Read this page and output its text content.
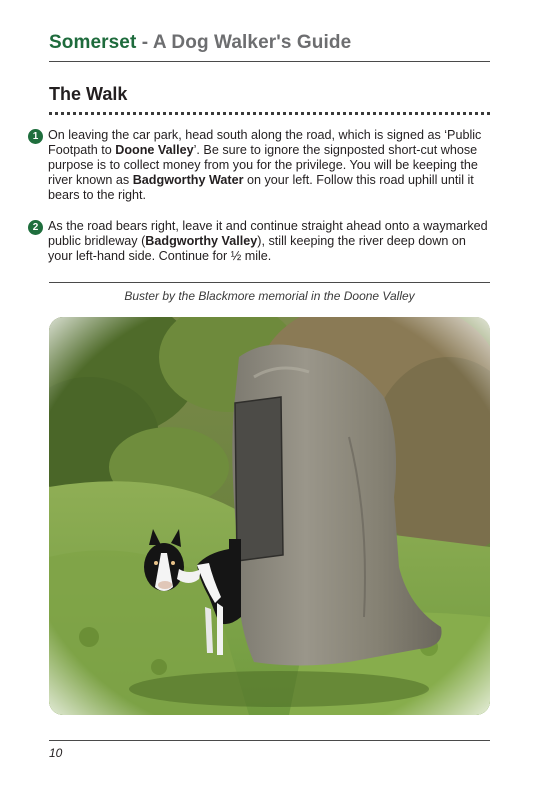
Somerset - A Dog Walker's Guide
The Walk
1 On leaving the car park, head south along the road, which is signed as ‘Public Footpath to Doone Valley’. Be sure to ignore the signposted short-cut whose purpose is to collect money from you for the privilege. You will be keeping the river known as Badgworthy Water on your left. Follow this road uphill until it bears to the right.
2 As the road bears right, leave it and continue straight ahead onto a waymarked public bridleway (Badgworthy Valley), still keeping the river deep down on your left-hand side. Continue for ½ mile.
Buster by the Blackmore memorial in the Doone Valley
10
